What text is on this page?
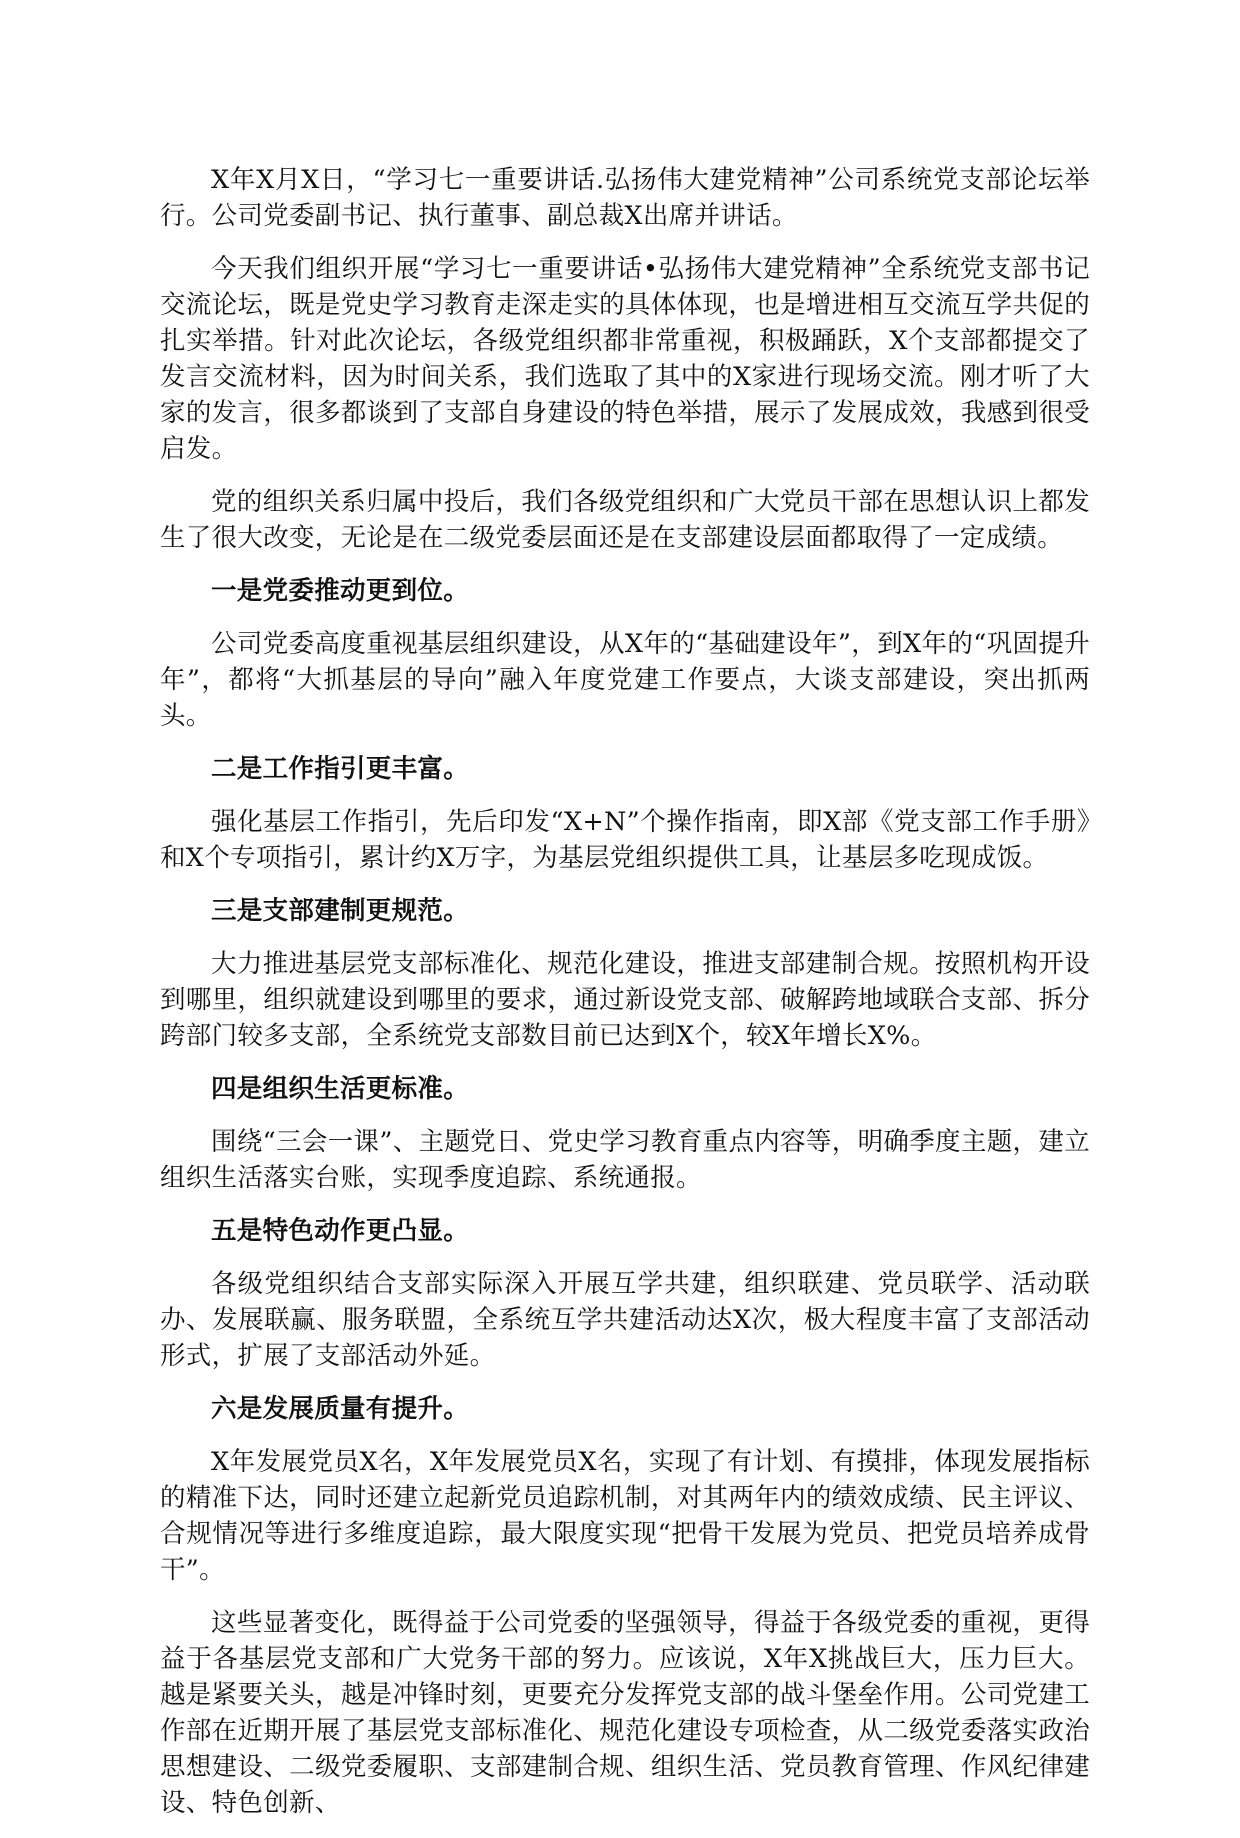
X年X月X日，“学习七一重要讲话.弘扬伟大建党精神”公司系统党支部论坛举行。公司党委副书记、执行董事、副总裁X出席并讲话。

今天我们组织开展“学习七一重要讲话•弘扬伟大建党精神”全系统党支部书记交流论坛，既是党史学习教育走深走实的具体体现，也是增进相互交流互学共促的扎实举措。针对此次论坛，各级党组织都非常重视，积极踊跃，X个支部都提交了发言交流材料，因为时间关系，我们选取了其中的X家进行现场交流。刚才听了大家的发言，很多都谈到了支部自身建设的特色举措，展示了发展成效，我感到很受启发。

党的组织关系归属中投后，我们各级党组织和广大党员干部在思想认识上都发生了很大改变，无论是在二级党委层面还是在支部建设层面都取得了一定成绩。

一是党委推动更到位。

公司党委高度重视基层组织建设，从X年的“基础建设年”，到X年的“巩固提升年”，都将“大抓基层的导向”融入年度党建工作要点，大谈支部建设，突出抓两头。

二是工作指引更丰富。

强化基层工作指引，先后印发“X+N”个操作指南，即X部《党支部工作手册》和X个专项指引，累计约X万字，为基层党组织提供工具，让基层多吃现成饭。

三是支部建制更规范。

大力推进基层党支部标准化、规范化建设，推进支部建制合规。按照机构开设到哪里，组织就建设到哪里的要求，通过新设党支部、破解跨地域联合支部、拆分跨部门较多支部，全系统党支部数目前已达到X个，较X年增长X%。

四是组织生活更标准。

围绕“三会一课”、主题党日、党史学习教育重点内容等，明确季度主题，建立组织生活落实台账，实现季度追踪、系统通报。

五是特色动作更凸显。

各级党组织结合支部实际深入开展互学共建，组织联建、党员联学、活动联办、发展联赢、服务联盟，全系统互学共建活动达X次，极大程度丰富了支部活动形式，扩展了支部活动外延。

六是发展质量有提升。

X年发展党员X名，X年发展党员X名，实现了有计划、有摸排，体现发展指标的精准下达，同时还建立起新党员追踪机制，对其两年内的绩效成绩、民主评议、合规情况等进行多维度追踪，最大限度实现“把骨干发展为党员、把党员培养成骨干”。

这些显著变化，既得益于公司党委的坚强领导，得益于各级党委的重视，更得益于各基层党支部和广大党务干部的努力。应该说，X年X挑战巨大，压力巨大。越是紧要关头，越是冲锋时刻，更要充分发挥党支部的战斗堡垒作用。公司党建工作部在近期开展了基层党支部标准化、规范化建设专项检查，从二级党委落实政治思想建设、二级党委履职、支部建制合规、组织生活、党员教育管理、作风纪律建设、特色创新、
